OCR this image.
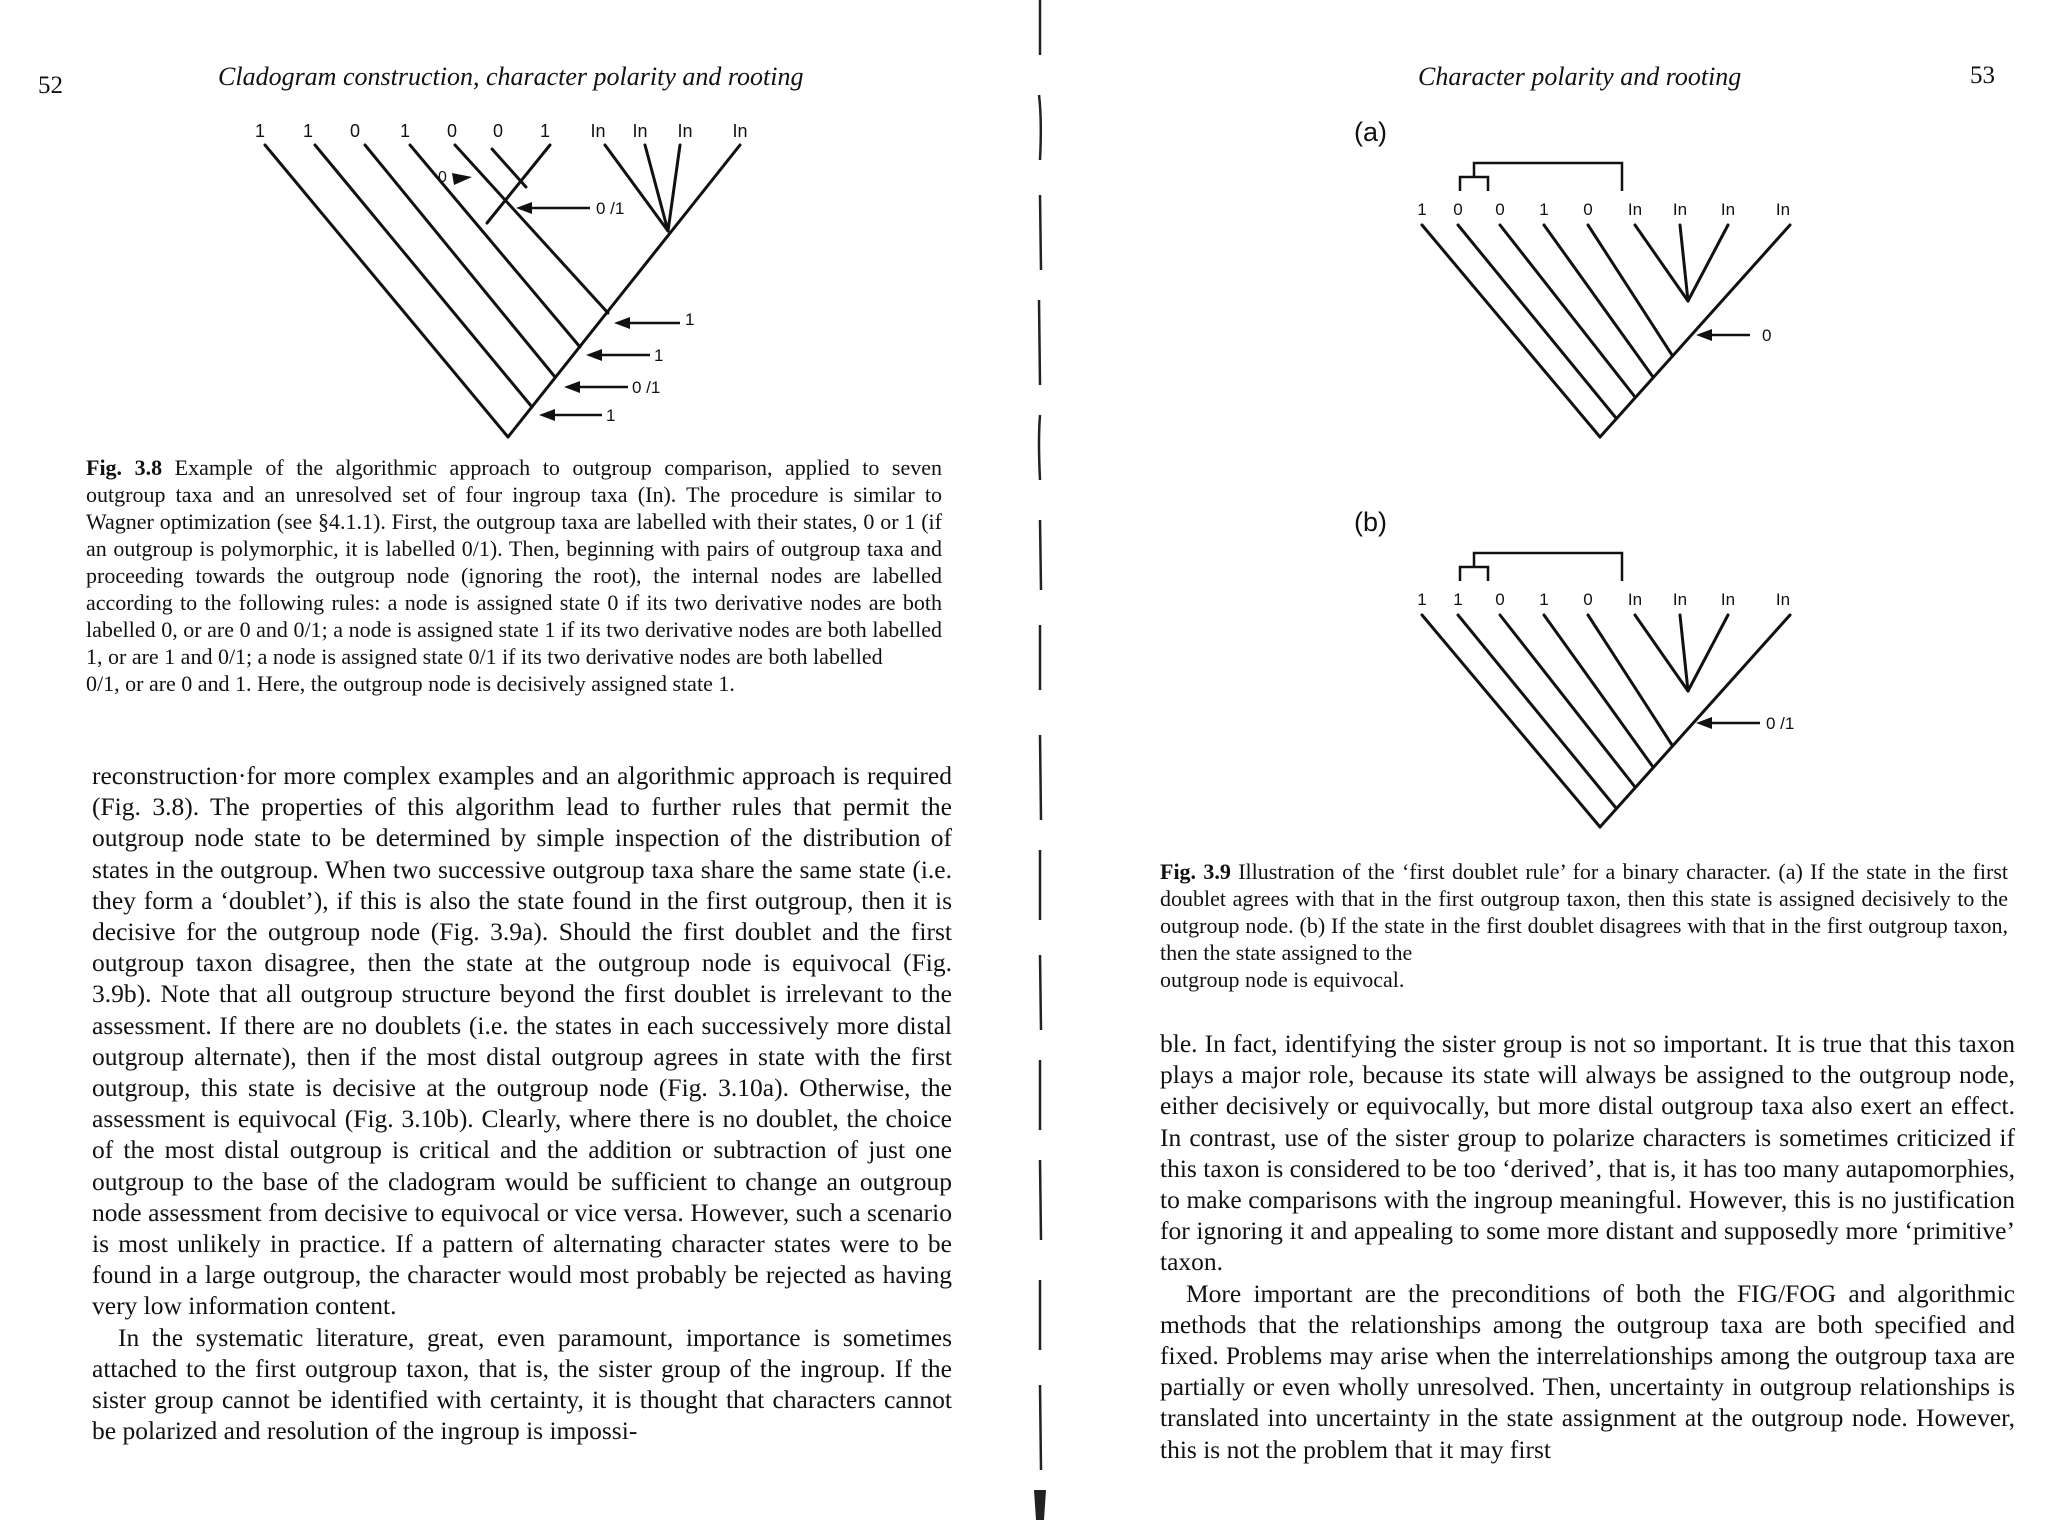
52	Cladogram construction, character polarity and rooting
1 1 0 1 0 0 1 In In In In
0
0 /1
1
1
0 /1
1
Fig. 3.8 Example of the algorithmic approach to outgroup comparison, applied to seven outgroup taxa and an unresolved set of four ingroup taxa (In). The procedure is similar to Wagner optimization (see §4.1.1). First, the outgroup taxa are labelled with their states, 0 or 1 (if an outgroup is polymorphic, it is labelled 0/1). Then, beginning with pairs of outgroup taxa and proceeding towards the outgroup node (ignoring the root), the internal nodes are labelled according to the following rules: a node is assigned state 0 if its two derivative nodes are both labelled 0, or are 0 and 0/1; a node is assigned state 1 if its two derivative nodes are both labelled 1, or are 1 and 0/1; a node is assigned state 0/1 if its two derivative nodes are both labelled
0/1, or are 0 and 1. Here, the outgroup node is decisively assigned state 1.

reconstruction·for more complex examples and an algorithmic approach is required (Fig. 3.8). The properties of this algorithm lead to further rules that permit the outgroup node state to be determined by simple inspection of the distribution of states in the outgroup. When two successive outgroup taxa share the same state (i.e. they form a ‘doublet’), if this is also the state found in the first outgroup, then it is decisive for the outgroup node (Fig. 3.9a). Should the first doublet and the first outgroup taxon disagree, then the state at the outgroup node is equivocal (Fig. 3.9b). Note that all outgroup structure beyond the first doublet is irrelevant to the assessment. If there are no doublets (i.e. the states in each successively more distal outgroup alternate), then if the most distal outgroup agrees in state with the first outgroup, this state is decisive at the outgroup node (Fig. 3.10a). Otherwise, the assessment is equivocal (Fig. 3.10b). Clearly, where there is no doublet, the choice of the most distal outgroup is critical and the addition or subtraction of just one outgroup to the base of the cladogram would be sufficient to change an outgroup node assessment from decisive to equivocal or vice versa. However, such a scenario is most unlikely in practice. If a pattern of alternating character states were to be found in a large outgroup, the character would most probably be rejected as having very low information content.

In the systematic literature, great, even paramount, importance is sometimes attached to the first outgroup taxon, that is, the sister group of the ingroup. If the sister group cannot be identified with certainty, it is thought that characters cannot be polarized and resolution of the ingroup is impossi-

Character polarity and rooting	53
(a)
1 0 0 1 0 In In In In
0
(b)
1 1 0 1 0 In In In In
0 /1
Fig. 3.9 Illustration of the ‘first doublet rule’ for a binary character. (a) If the state in the first doublet agrees with that in the first outgroup taxon, then this state is assigned decisively to the outgroup node. (b) If the state in the first doublet disagrees with that in the first outgroup taxon, then the state assigned to the
outgroup node is equivocal.

ble. In fact, identifying the sister group is not so important. It is true that this taxon plays a major role, because its state will always be assigned to the outgroup node, either decisively or equivocally, but more distal outgroup taxa also exert an effect. In contrast, use of the sister group to polarize characters is sometimes criticized if this taxon is considered to be too ‘derived’, that is, it has too many autapomorphies, to make comparisons with the ingroup meaningful. However, this is no justification for ignoring it and appealing to some more distant and supposedly more ‘primitive’ taxon.

More important are the preconditions of both the FIG/FOG and algorithmic methods that the relationships among the outgroup taxa are both specified and fixed. Problems may arise when the interrelationships among the outgroup taxa are partially or even wholly unresolved. Then, uncertainty in outgroup relationships is translated into uncertainty in the state assignment at the outgroup node. However, this is not the problem that it may first
